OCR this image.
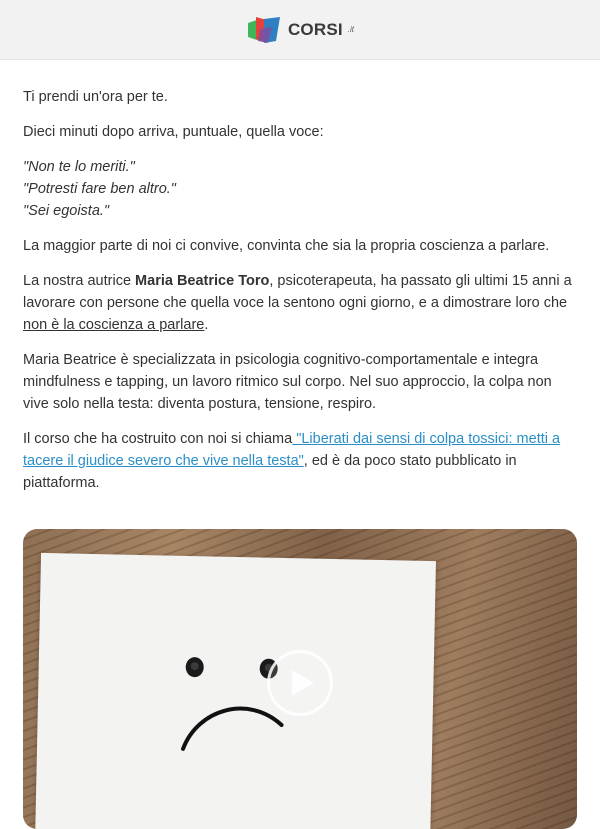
CORSI .it

Ti prendi un'ora per te.

Dieci minuti dopo arriva, puntuale, quella voce:

"Non te lo meriti."
"Potresti fare ben altro."
"Sei egoista."

La maggior parte di noi ci convive, convinta che sia la propria coscienza a parlare.

La nostra autrice Maria Beatrice Toro, psicoterapeuta, ha passato gli ultimi 15 anni a lavorare con persone che quella voce la sentono ogni giorno, e a dimostrare loro che non è la coscienza a parlare.

Maria Beatrice è specializzata in psicologia cognitivo-comportamentale e integra mindfulness e tapping, un lavoro ritmico sul corpo. Nel suo approccio, la colpa non vive solo nella testa: diventa postura, tensione, respiro.

Il corso che ha costruito con noi si chiama "Liberati dai sensi di colpa tossici: metti a tacere il giudice severo che vive nella testa", ed è da poco stato pubblicato in piattaforma.
